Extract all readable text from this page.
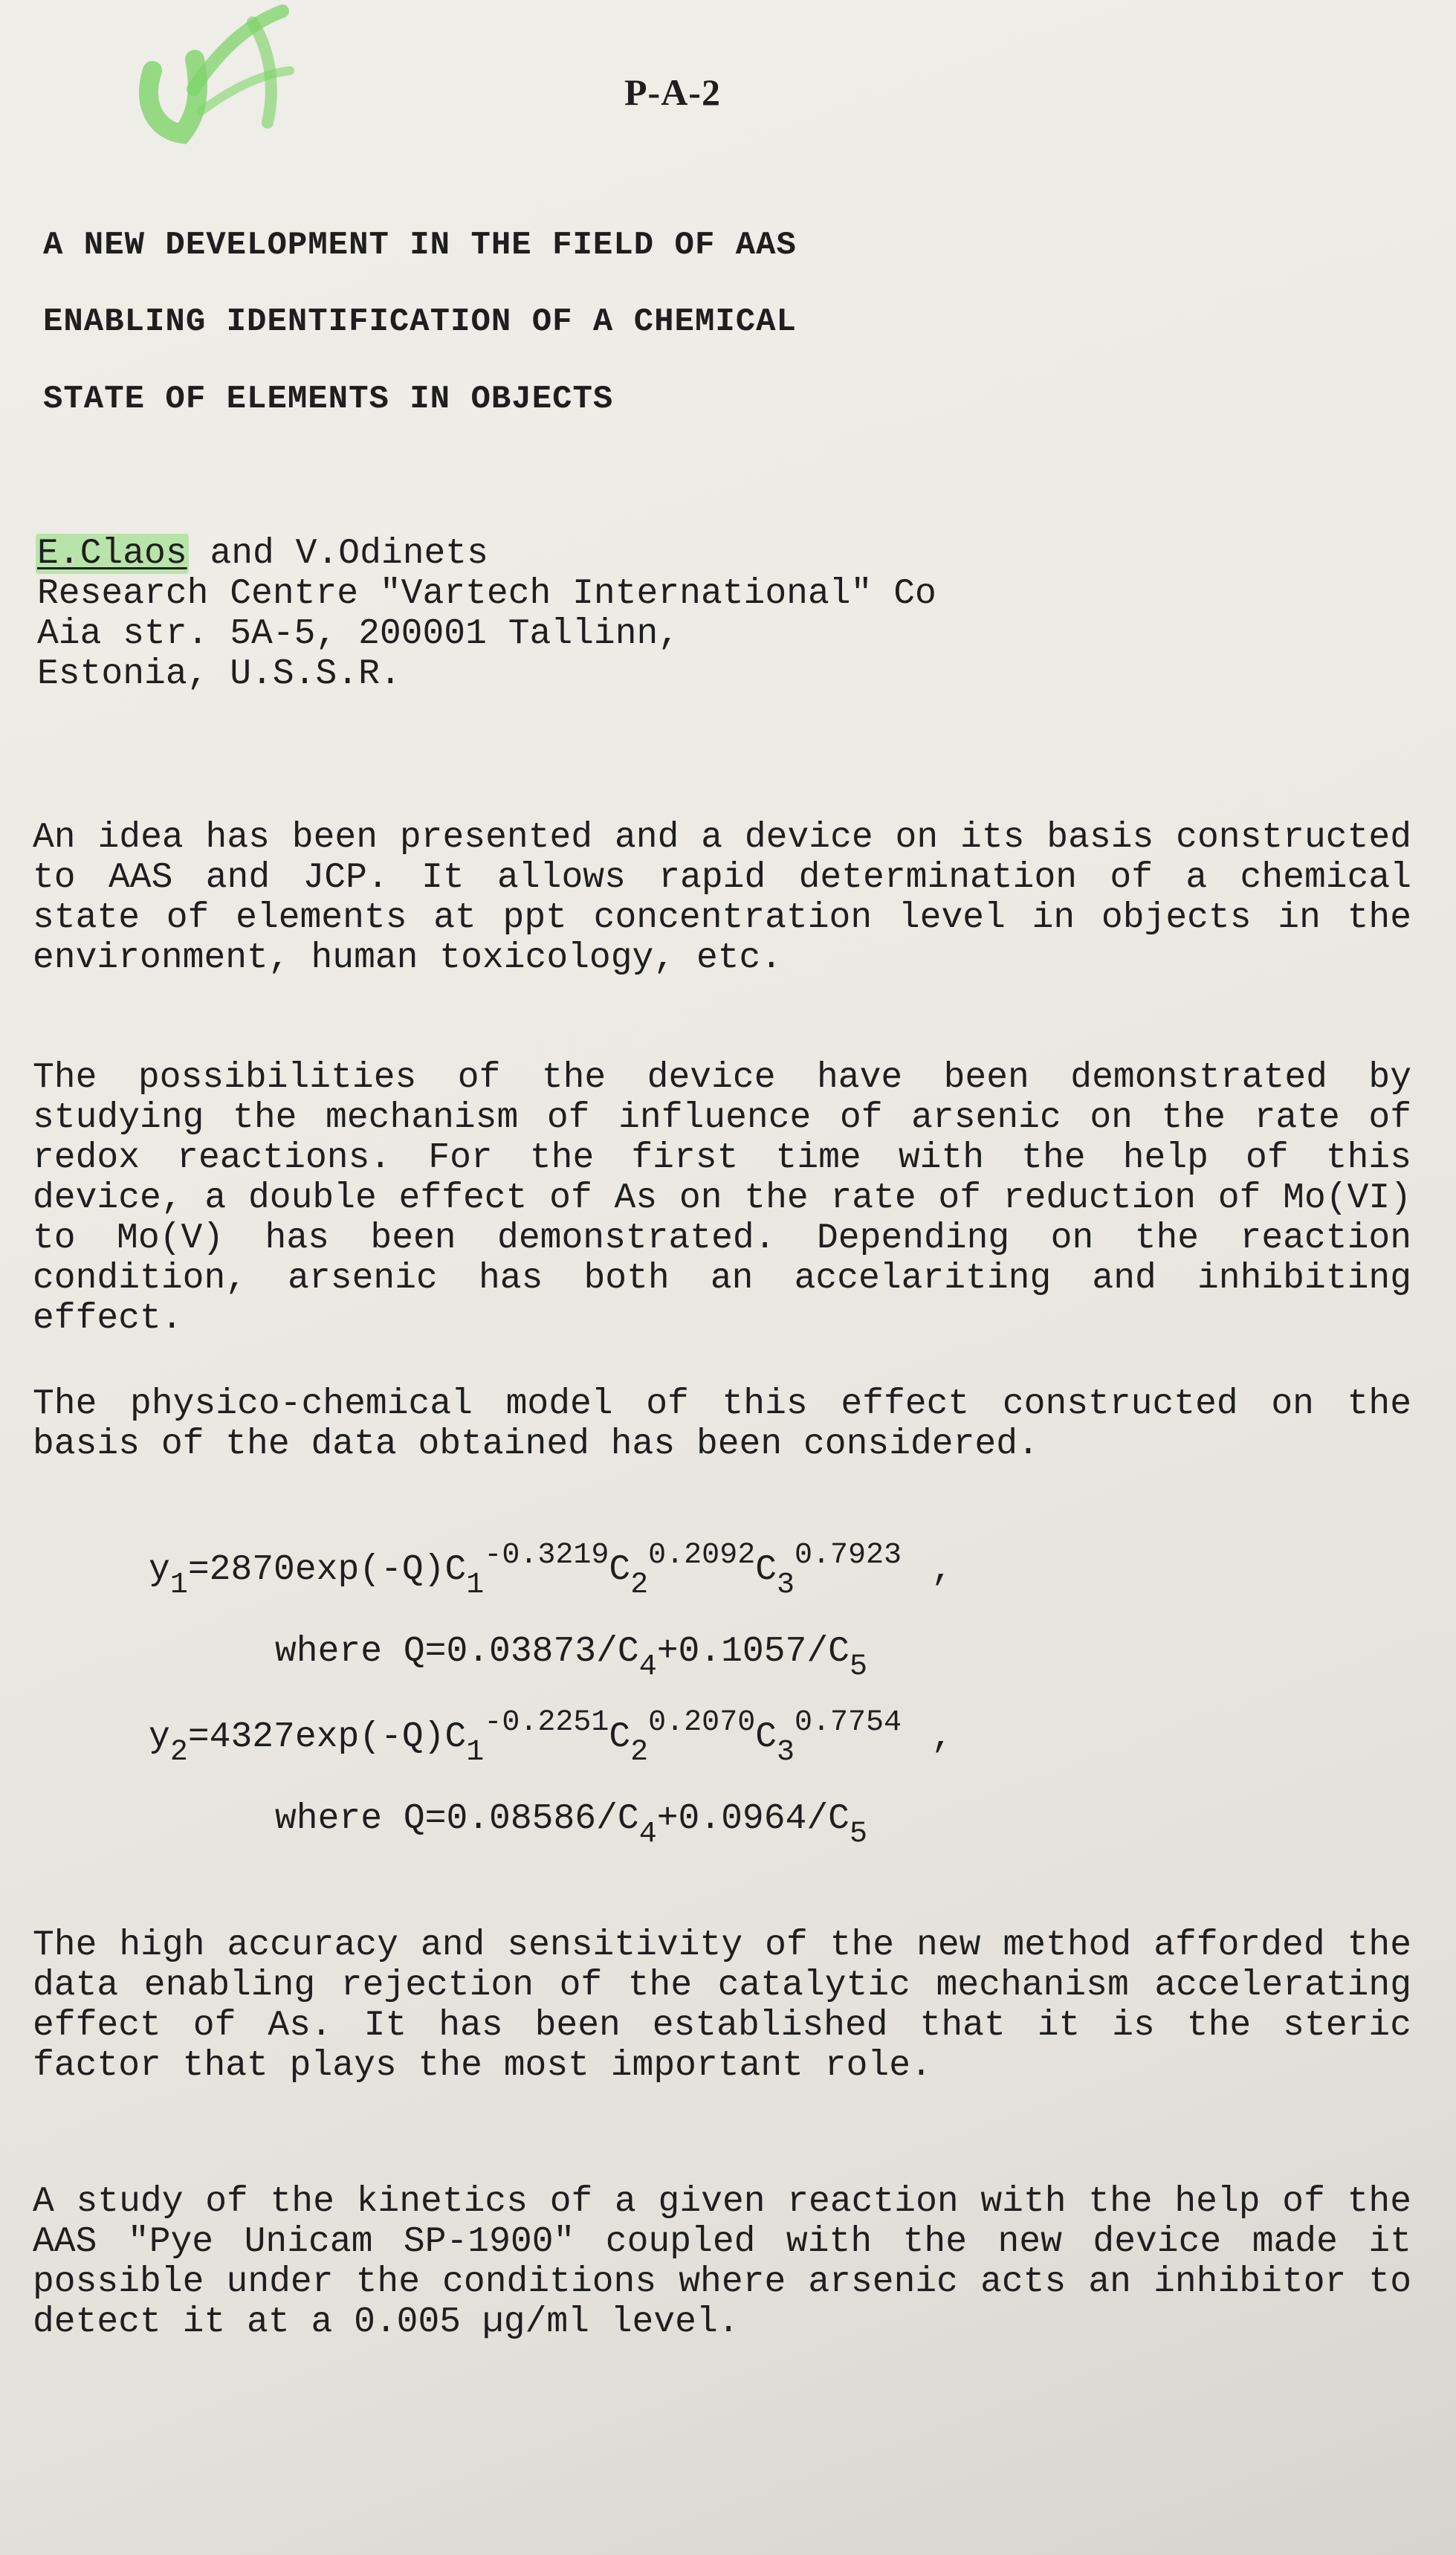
P-A-2
A NEW DEVELOPMENT IN THE FIELD OF AAS
ENABLING IDENTIFICATION OF A CHEMICAL
STATE OF ELEMENTS IN OBJECTS
E.Claos and V.Odinets
Research Centre "Vartech International" Co
Aia str. 5A-5, 200001 Tallinn,
Estonia, U.S.S.R.
An idea has been presented and a device on its basis constructed to AAS and JCP. It allows rapid determination of a chemical state of elements at ppt concentration level in objects in the environment, human toxicology, etc.
The possibilities of the device have been demonstrated by studying the mechanism of influence of arsenic on the rate of redox reactions. For the first time with the help of this device, a double effect of As on the rate of reduction of Mo(VI) to Mo(V) has been demonstrated. Depending on the reaction condition, arsenic has both an accelariting and inhibiting effect.
The physico-chemical model of this effect constructed on the basis of the data obtained has been considered.
$y_1=2870\exp(-Q)C_1^{-0.3219}C_2^{0.2092}C_3^{0.7923}$ ,
where $Q=0.03873/C_4+0.1057/C_5$
$y_2=4327\exp(-Q)C_1^{-0.2251}C_2^{0.2070}C_3^{0.7754}$ ,
where $Q=0.08586/C_4+0.0964/C_5$
The high accuracy and sensitivity of the new method afforded the data enabling rejection of the catalytic mechanism accelerating effect of As. It has been established that it is the steric factor that plays the most important role.
A study of the kinetics of a given reaction with the help of the AAS "Pye Unicam SP-1900" coupled with the new device made it possible under the conditions where arsenic acts an inhibitor to detect it at a 0.005 µg/ml level.
